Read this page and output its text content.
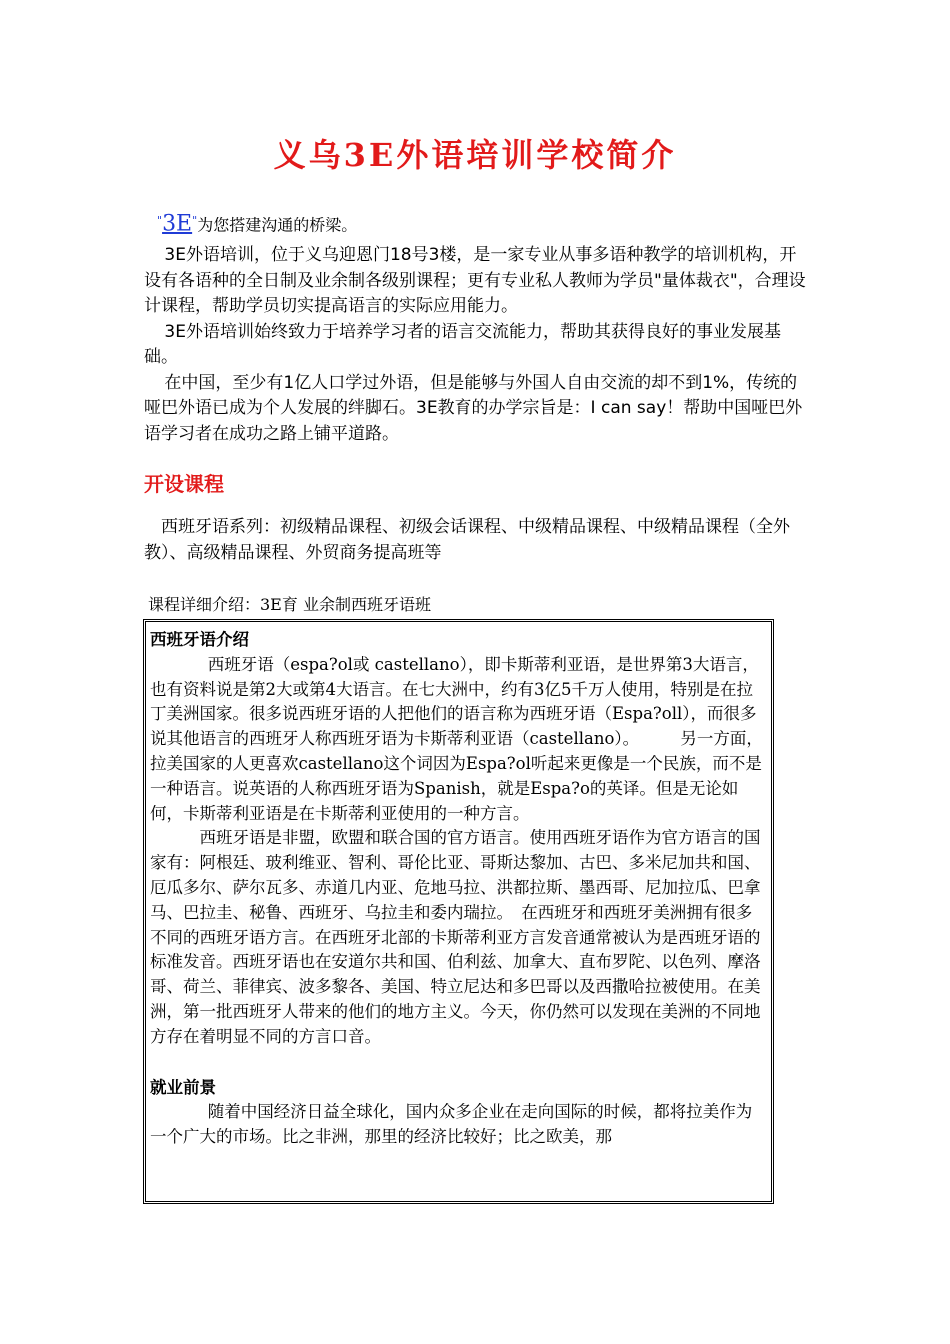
义乌3E外语培训学校简介
"3E"为您搭建沟通的桥梁。

3E外语培训，位于义乌迎恩门18号3楼，是一家专业从事多语种教学的培训机构，开设有各语种的全日制及业余制各级别课程；更有专业私人教师为学员"量体裁衣"，合理设计课程，帮助学员切实提高语言的实际应用能力。

3E外语培训始终致力于培养学习者的语言交流能力，帮助其获得良好的事业发展基础。

在中国，至少有1亿人口学过外语，但是能够与外国人自由交流的却不到1%，传统的哑巴外语已成为个人发展的绊脚石。3E教育的办学宗旨是：I can say！帮助中国哑巴外语学习者在成功之路上铺平道路。

开设课程
西班牙语系列：初级精品课程、初级会话课程、中级精品课程、中级精品课程（全外教）、高级精品课程、外贸商务提高班等
课程详细介绍：3E育 业余制西班牙语班
西班牙语介绍

西班牙语（espa?ol或 castellano），即卡斯蒂利亚语，是世界第3大语言，也有资料说是第2大或第4大语言。在七大洲中，约有3亿5千万人使用，特别是在拉丁美洲国家。很多说西班牙语的人把他们的语言称为西班牙语（Espa?oll），而很多说其他语言的西班牙人称西班牙语为卡斯蒂利亚语（castellano）。　　　另一方面，拉美国家的人更喜欢castellano这个词因为Espa?ol听起来更像是一个民族，而不是一种语言。说英语的人称西班牙语为Spanish，就是Espa?o的英译。但是无论如何，卡斯蒂利亚语是在卡斯蒂利亚使用的一种方言。

西班牙语是非盟，欧盟和联合国的官方语言。使用西班牙语作为官方语言的国家有：阿根廷、玻利维亚、智利、哥伦比亚、哥斯达黎加、古巴、多米尼加共和国、厄瓜多尔、萨尔瓦多、赤道几内亚、危地马拉、洪都拉斯、墨西哥、尼加拉瓜、巴拿马、巴拉圭、秘鲁、西班牙、乌拉圭和委内瑞拉。　在西班牙和西班牙美洲拥有很多不同的西班牙语方言。在西班牙北部的卡斯蒂利亚方言发音通常被认为是西班牙语的标准发音。西班牙语也在安道尔共和国、伯利兹、加拿大、直布罗陀、以色列、摩洛哥、荷兰、菲律宾、波多黎各、美国、特立尼达和多巴哥以及西撒哈拉被使用。在美洲，第一批西班牙人带来的他们的地方主义。今天，你仍然可以发现在美洲的不同地方存在着明显不同的方言口音。

就业前景

随着中国经济日益全球化，国内众多企业在走向国际的时候，都将拉美作为一个广大的市场。比之非洲，那里的经济比较好；比之欧美，那
